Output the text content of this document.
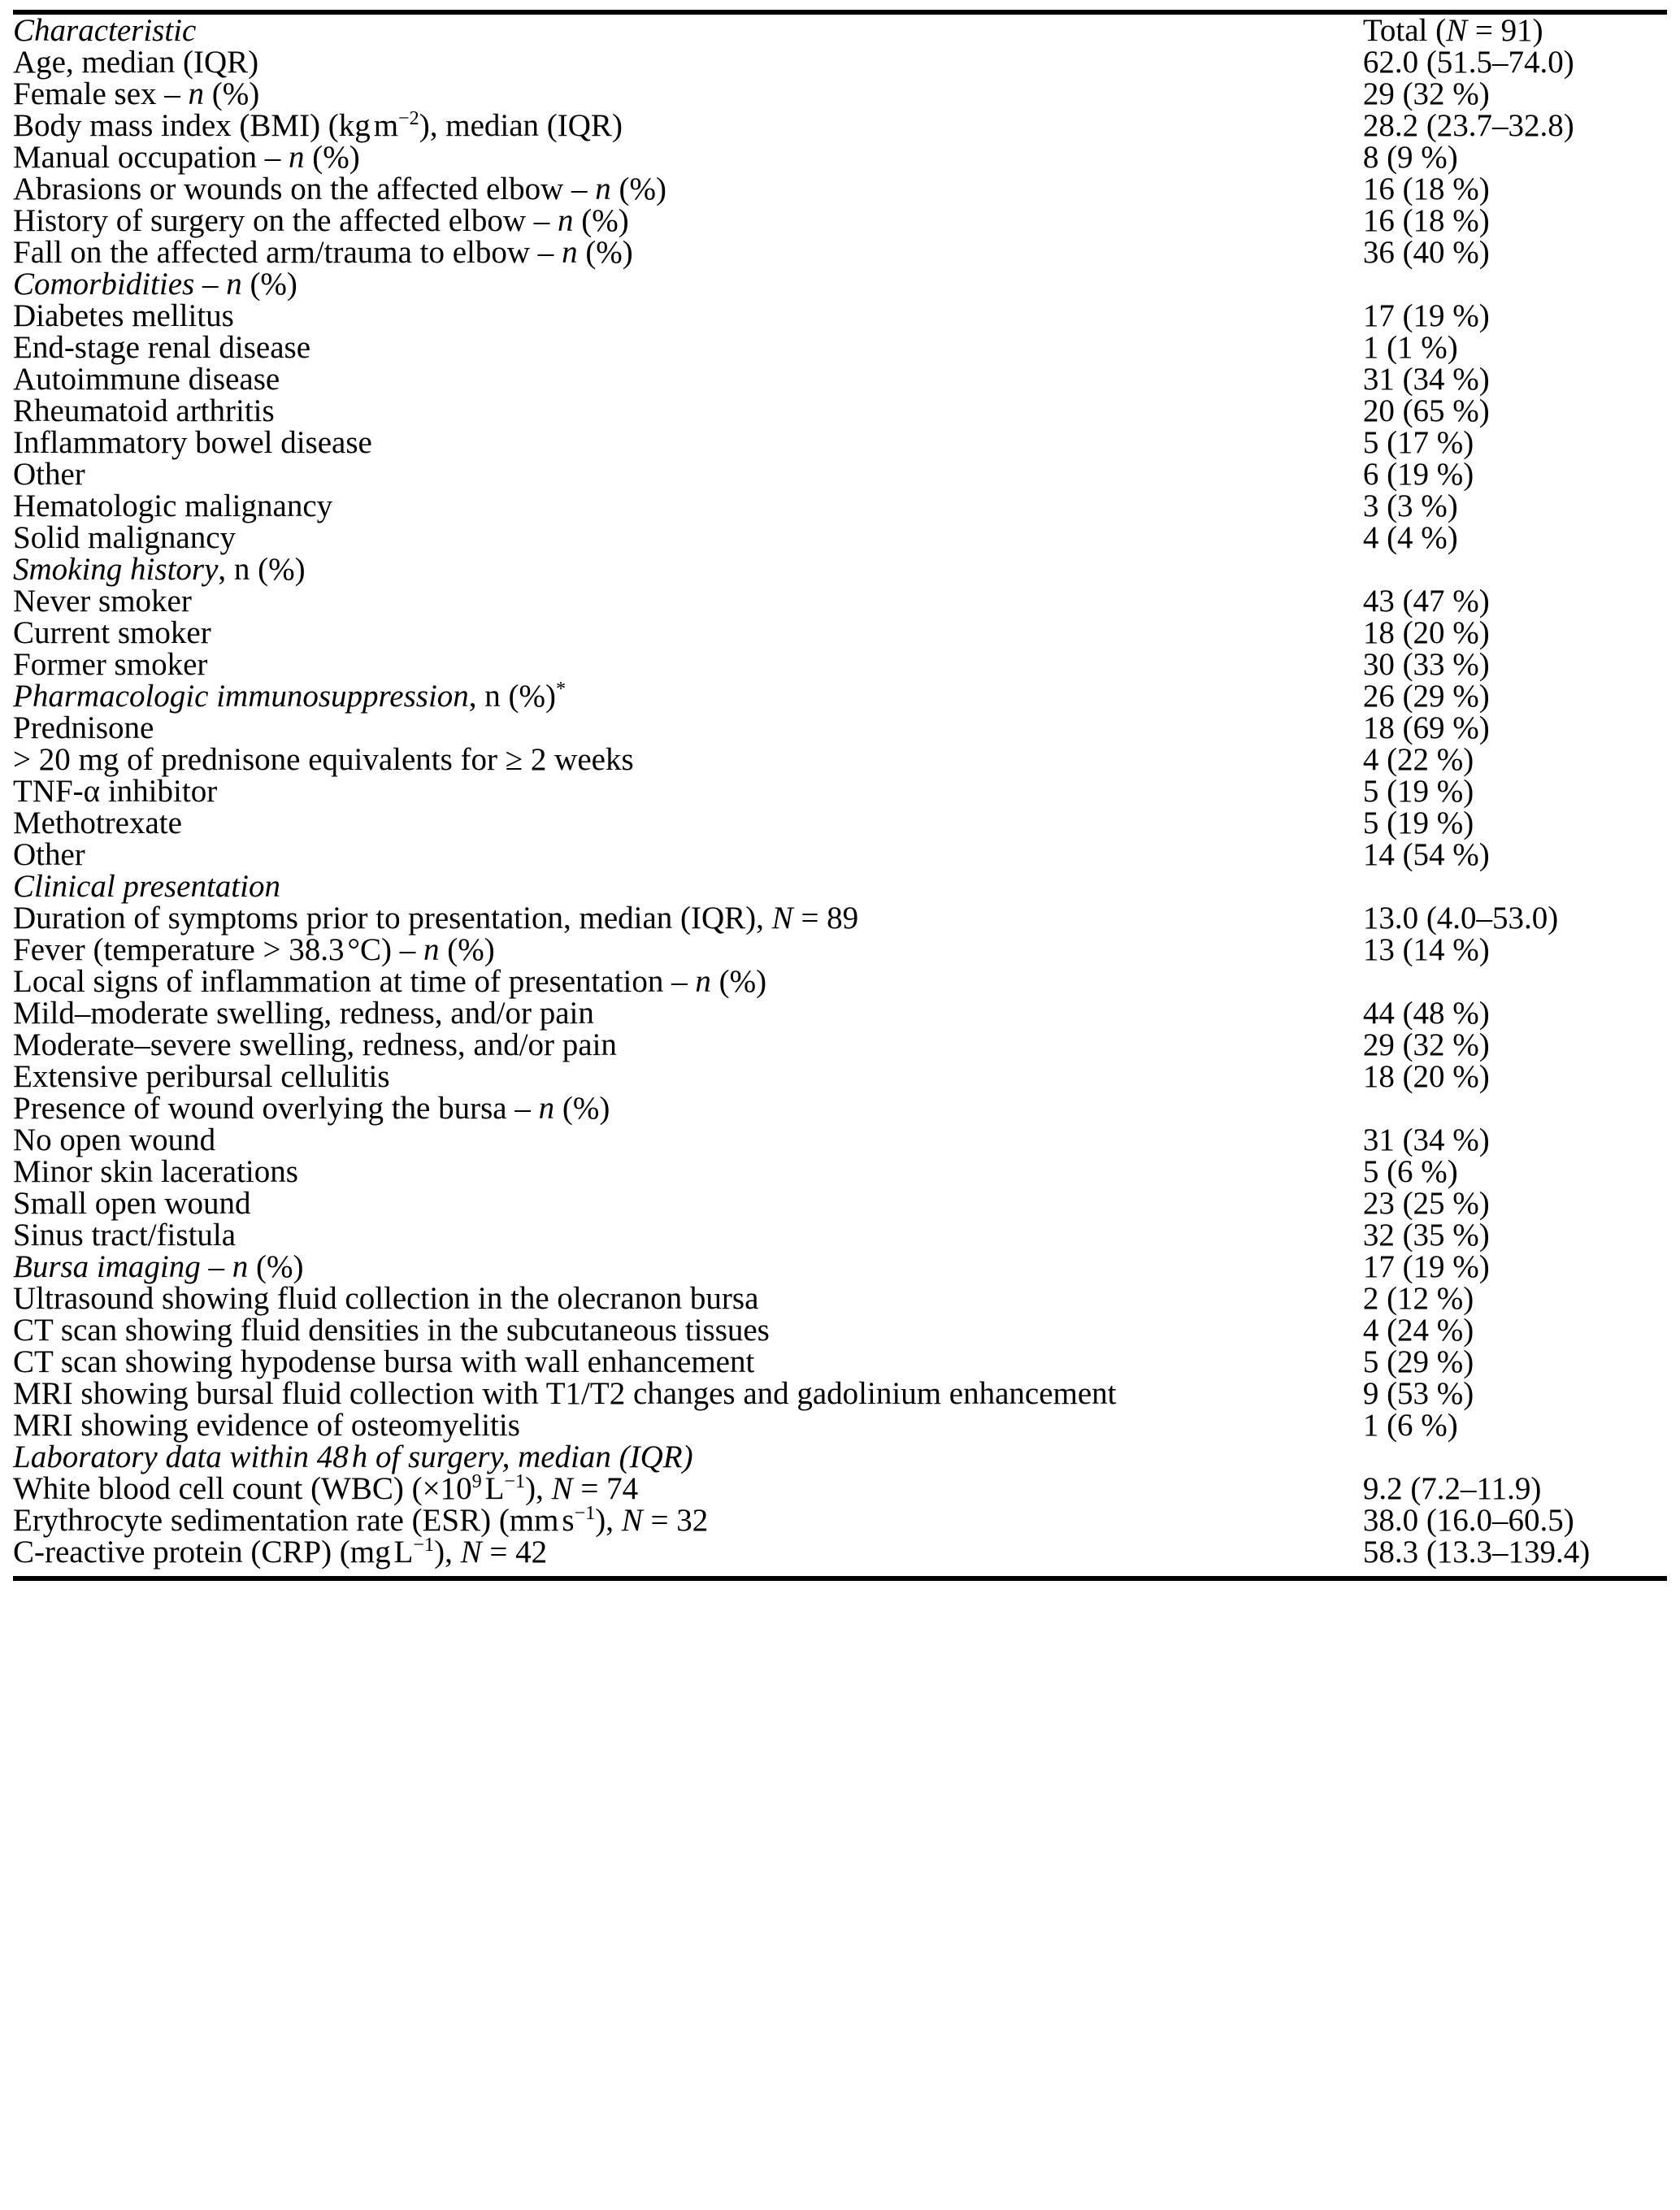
Characteristic	Total (N = 91)
Age, median (IQR)	62.0 (51.5–74.0)
Female sex – n (%)	29 (32 %)
Body mass index (BMI) (kgm$^{-2}$), median (IQR)	28.2 (23.7–32.8)
Manual occupation – n (%)	8 (9 %)
Abrasions or wounds on the affected elbow – n (%)	16 (18 %)
History of surgery on the affected elbow – n (%)	16 (18 %)
Fall on the affected arm/trauma to elbow – n (%)	36 (40 %)
Comorbidities – n (%)	
Diabetes mellitus	17 (19 %)
End-stage renal disease	1 (1 %)
Autoimmune disease	31 (34 %)
Rheumatoid arthritis	20 (65 %)
Inflammatory bowel disease	5 (17 %)
Other	6 (19 %)
Hematologic malignancy	3 (3 %)
Solid malignancy	4 (4 %)
Smoking history, n (%)	
Never smoker	43 (47 %)
Current smoker	18 (20 %)
Former smoker	30 (33 %)
Pharmacologic immunosuppression, n (%)*	26 (29 %)
Prednisone	18 (69 %)
> 20 mg of prednisone equivalents for ≥ 2 weeks	4 (22 %)
TNF-α inhibitor	5 (19 %)
Methotrexate	5 (19 %)
Other	14 (54 %)
Clinical presentation	
Duration of symptoms prior to presentation, median (IQR), N = 89	13.0 (4.0–53.0)
Fever (temperature > 38.3°C) – n (%)	13 (14 %)
Local signs of inflammation at time of presentation – n (%)	
Mild–moderate swelling, redness, and/or pain	44 (48 %)
Moderate–severe swelling, redness, and/or pain	29 (32 %)
Extensive peribursal cellulitis	18 (20 %)
Presence of wound overlying the bursa – n (%)	
No open wound	31 (34 %)
Minor skin lacerations	5 (6 %)
Small open wound	23 (25 %)
Sinus tract/fistula	32 (35 %)
Bursa imaging – n (%)	17 (19 %)
Ultrasound showing fluid collection in the olecranon bursa	2 (12 %)
CT scan showing fluid densities in the subcutaneous tissues	4 (24 %)
CT scan showing hypodense bursa with wall enhancement	5 (29 %)
MRI showing bursal fluid collection with T1/T2 changes and gadolinium enhancement	9 (53 %)
MRI showing evidence of osteomyelitis	1 (6 %)
Laboratory data within 48h of surgery, median (IQR)	
White blood cell count (WBC) $(\times 10^9L^{-1})$, N = 74	9.2 (7.2–11.9)
Erythrocyte sedimentation rate (ESR) (mms$^{-1}$), N = 32	38.0 (16.0–60.5)
C-reactive protein (CRP) (mgL$^{-1}$), N = 42	58.3 (13.3–139.4)
